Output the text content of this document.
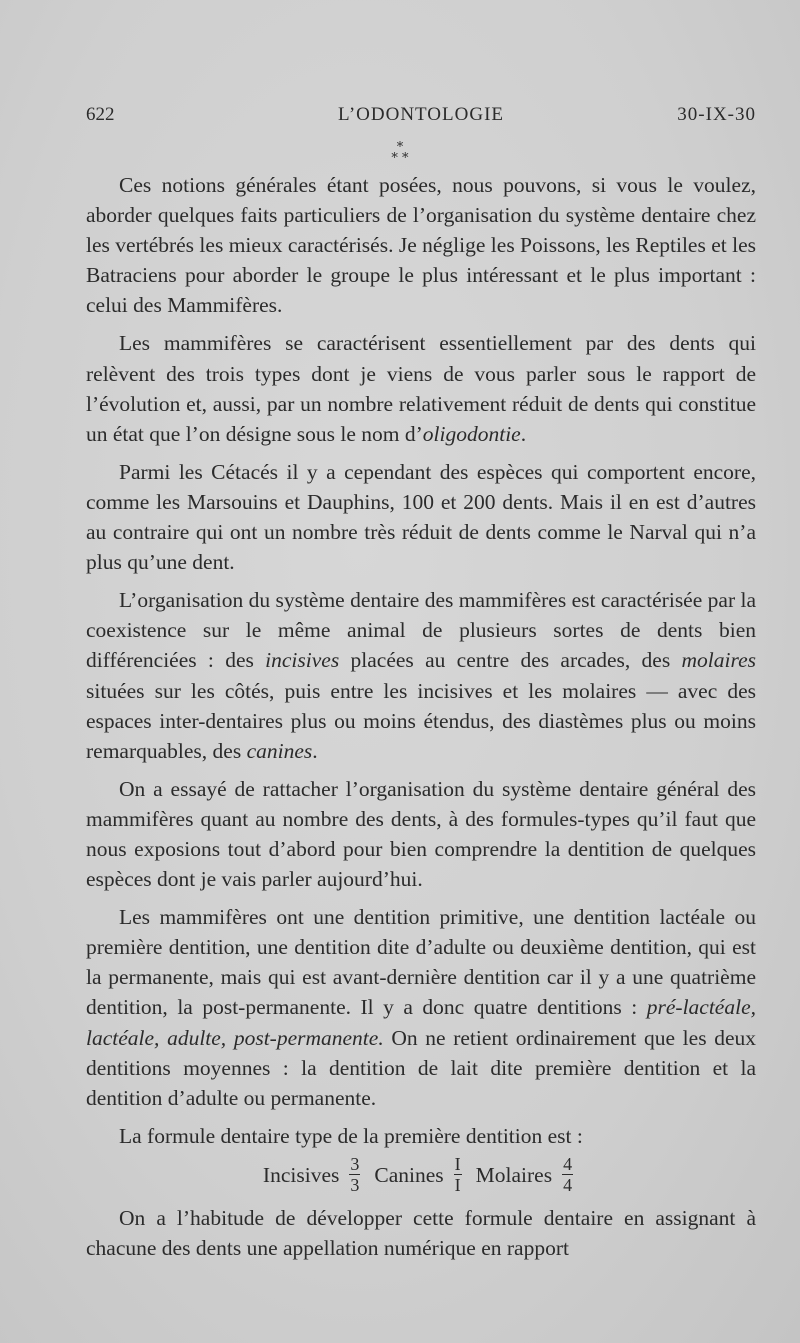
622	L’ODONTOLOGIE	30-IX-30
*
* *

Ces notions générales étant posées, nous pouvons, si vous le voulez, aborder quelques faits particuliers de l’organisation du système dentaire chez les vertébrés les mieux caractérisés. Je néglige les Poissons, les Reptiles et les Batraciens pour aborder le groupe le plus intéressant et le plus important : celui des Mammifères.

Les mammifères se caractérisent essentiellement par des dents qui relèvent des trois types dont je viens de vous parler sous le rapport de l’évolution et, aussi, par un nombre relativement réduit de dents qui constitue un état que l’on désigne sous le nom d’oligodontie.

Parmi les Cétacés il y a cependant des espèces qui comportent encore, comme les Marsouins et Dauphins, 100 et 200 dents. Mais il en est d’autres au contraire qui ont un nombre très réduit de dents comme le Narval qui n’a plus qu’une dent.

L’organisation du système dentaire des mammifères est caractérisée par la coexistence sur le même animal de plusieurs sortes de dents bien différenciées : des incisives placées au centre des arcades, des molaires situées sur les côtés, puis entre les incisives et les molaires — avec des espaces inter-dentaires plus ou moins étendus, des diastèmes plus ou moins remarquables, des canines.

On a essayé de rattacher l’organisation du système dentaire général des mammifères quant au nombre des dents, à des formules-types qu’il faut que nous exposions tout d’abord pour bien comprendre la dentition de quelques espèces dont je vais parler aujourd’hui.

Les mammifères ont une dentition primitive, une dentition lactéale ou première dentition, une dentition dite d’adulte ou deuxième dentition, qui est la permanente, mais qui est avant-dernière dentition car il y a une quatrième dentition, la post-permanente. Il y a donc quatre dentitions : pré-lactéale, lactéale, adulte, post-permanente. On ne retient ordinairement que les deux dentitions moyennes : la dentition de lait dite première dentition et la dentition d’adulte ou permanente.

La formule dentaire type de la première dentition est :

Incisives $\frac{3}{3}$ Canines $\frac{I}{I}$ Molaires $\frac{4}{4}$

On a l’habitude de développer cette formule dentaire en assignant à chacune des dents une appellation numérique en rapport
